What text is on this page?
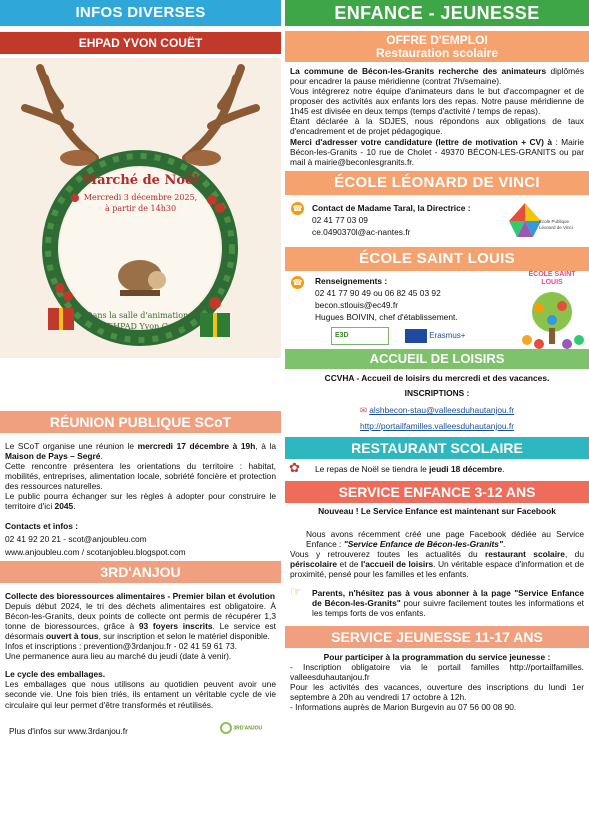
INFOS DIVERSES
EHPAD YVON COUËT
Marché de Noël
Mercredi 3 décembre 2025,
à partir de 14h30
Dans la salle d'animations,
à l'EHPAD Yvon Couët
RÉUNION PUBLIQUE SCoT

Le SCoT organise une réunion le mercredi 17 décembre à 19h, à la Maison de Pays – Segré.

Cette rencontre présentera les orientations du territoire : habitat, mobilités, entreprises, alimentation locale, sobriété foncière et protection des ressources naturelles.

Le public pourra échanger sur les règles à adopter pour construire le territoire d'ici 2045.

Contacts et infos :

02 41 92 20 21 - scot@anjoubleu.com

www.anjoubleu.com / scotanjobleu.blogspot.com

3RD'ANJOU

Collecte des bioressources alimentaires - Premier bilan et évolution

Depuis début 2024, le tri des déchets alimentaires est obligatoire. À Bécon-les-Granits, deux points de collecte ont permis de récupérer 1,3 tonne de bioressources, grâce à 93 foyers inscrits. Le service est désormais ouvert à tous, sur inscription et selon le matériel disponible.

Infos et inscriptions : prevention@3rdanjou.fr - 02 41 59 61 73.

Une permanence aura lieu au marché du jeudi (date à venir).

Le cycle des emballages.

Les emballages que nous utilisons au quotidien peuvent avoir une seconde vie. Une fois bien triés, ils entament un véritable cycle de vie circulaire qui leur permet d'être transformés et réutilisés.

Plus d'infos sur www.3rdanjou.fr	3RD'ANJOU
ENFANCE - JEUNESSE
OFFRE D'EMPLOI
Restauration scolaire

La commune de Bécon-les-Granits recherche des animateurs diplômés pour encadrer la pause méridienne (contrat 7h/semaine).

Vous intégrerez notre équipe d'animateurs dans le but d'accompagner et de proposer des activités aux enfants lors des repas. Notre pause méridienne de 1h45 est divisée en deux temps (temps d'activité / temps de repas).

Étant déclarée à la SDJES, nous répondons aux obligations de taux d'encadrement et de projet pédagogique.

Merci d'adresser votre candidature (lettre de motivation + CV) à : Mairie Bécon-les-Granits - 10 rue de Cholet - 49370 BÉCON-LES-GRANITS ou par mail à mairie@beconlesgranits.fr.

ÉCOLE LÉONARD DE VINCI
☎ Contact de Madame Taral, la Directrice :
02 41 77 03 09
ce.0490370l@ac-nantes.fr
École Publique
Léonard de Vinci
ÉCOLE SAINT LOUIS
☎ Renseignements :
02 41 77 90 49 ou 06 82 45 03 92
becon.stlouis@ec49.fr
Hugues BOIVIN, chef d'établissement.
E3D	Erasmus+
ÉCOLE SAINT LOUIS
ACCUEIL DE LOISIRS

CCVHA - Accueil de loisirs du mercredi et des vacances.

INSCRIPTIONS :

✉ alshbecon-stau@valleesduhautanjou.fr

http://portailfamilles.valleesduhautanjou.fr

RESTAURANT SCOLAIRE
✿ Le repas de Noël se tiendra le jeudi 18 décembre.
SERVICE ENFANCE 3-12 ANS

Nouveau ! Le Service Enfance est maintenant sur Facebook

Nous avons récemment créé une page Facebook dédiée au Service Enfance : "Service Enfance de Bécon-les-Granits".

Vous y retrouverez toutes les actualités du restaurant scolaire, du périscolaire et de l'accueil de loisirs. Un véritable espace d'information et de proximité, pensé pour les familles et les enfants.

☞	Parents, n'hésitez pas à vous abonner à la page "Service Enfance de Bécon-les-Granits" pour suivre facilement toutes les informations et les temps forts de vos enfants.

SERVICE JEUNESSE 11-17 ANS

Pour participer à la programmation du service jeunesse :

- Inscription obligatoire via le portail familles http://portailfamilles. valleesduhautanjou.fr

Pour les activités des vacances, ouverture des inscriptions du lundi 1er septembre à 20h au vendredi 17 octobre à 12h.

- Informations auprès de Marion Burgevin au 07 56 00 08 90.
